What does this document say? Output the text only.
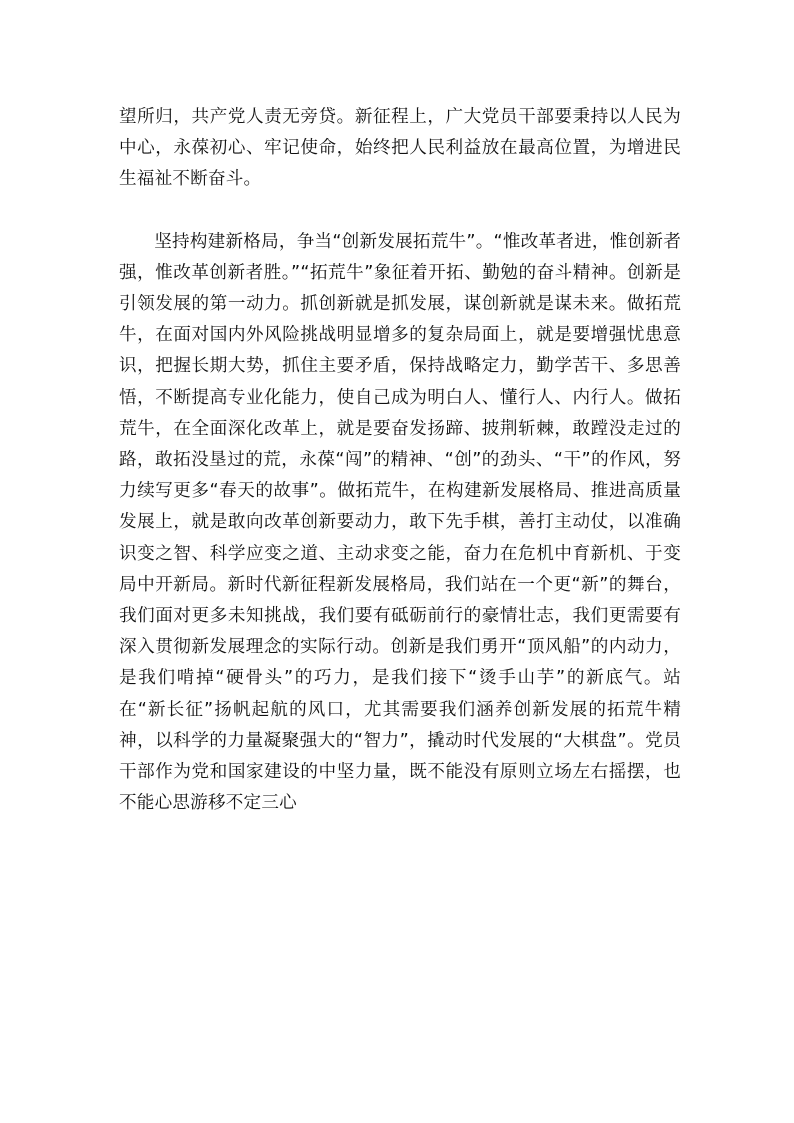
望所归，共产党人责无旁贷。新征程上，广大党员干部要秉持以人民为中心，永葆初心、牢记使命，始终把人民利益放在最高位置，为增进民生福祉不断奋斗。

坚持构建新格局，争当“创新发展拓荒牛”。“惟改革者进，惟创新者强，惟改革创新者胜。”“拓荒牛”象征着开拓、勤勉的奋斗精神。创新是引领发展的第一动力。抓创新就是抓发展，谋创新就是谋未来。做拓荒牛，在面对国内外风险挑战明显增多的复杂局面上，就是要增强忧患意识，把握长期大势，抓住主要矛盾，保持战略定力，勤学苦干、多思善悟，不断提高专业化能力，使自己成为明白人、懂行人、内行人。做拓荒牛，在全面深化改革上，就是要奋发扬蹄、披荆斩棘，敢蹚没走过的路，敢拓没垦过的荒，永葆“闯”的精神、“创”的劲头、“干”的作风，努力续写更多“春天的故事”。做拓荒牛，在构建新发展格局、推进高质量发展上，就是敢向改革创新要动力，敢下先手棋，善打主动仗，以准确识变之智、科学应变之道、主动求变之能，奋力在危机中育新机、于变局中开新局。新时代新征程新发展格局，我们站在一个更“新”的舞台，我们面对更多未知挑战，我们要有砥砺前行的豪情壮志，我们更需要有深入贯彻新发展理念的实际行动。创新是我们勇开“顶风船”的内动力，是我们啃掉“硬骨头”的巧力，是我们接下“烫手山芋”的新底气。站在“新长征”扬帆起航的风口，尤其需要我们涵养创新发展的拓荒牛精神，以科学的力量凝聚强大的“智力”，撬动时代发展的“大棋盘”。党员干部作为党和国家建设的中坚力量，既不能没有原则立场左右摇摆，也不能心思游移不定三心
